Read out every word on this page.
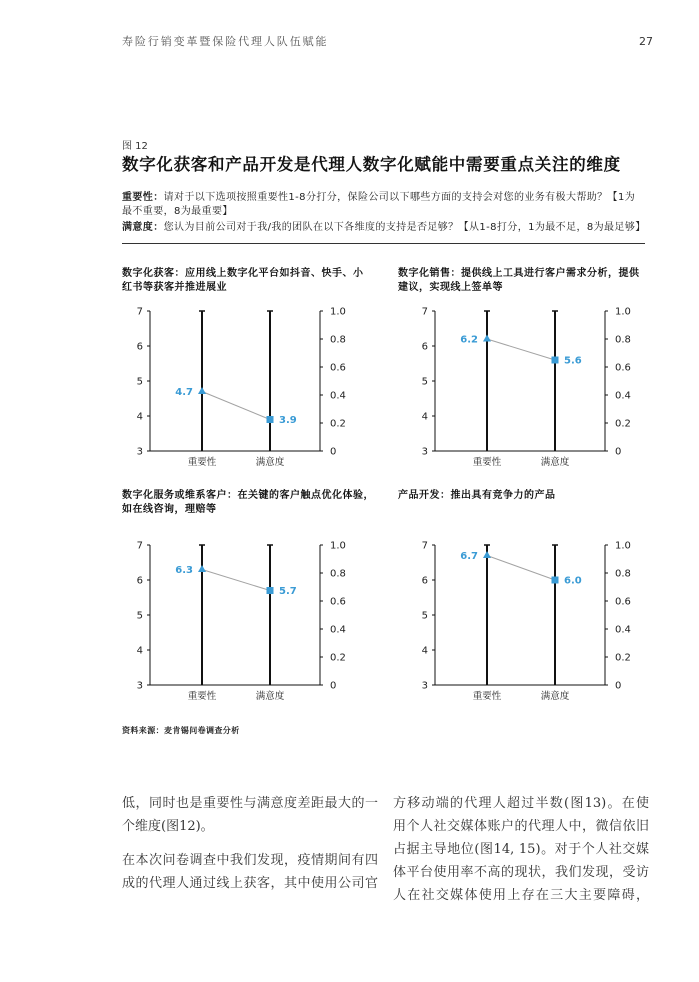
寿险行销变革暨保险代理人队伍赋能	27
图 12
数字化获客和产品开发是代理人数字化赋能中需要重点关注的维度
重要性：请对于以下选项按照重要性1-8分打分，保险公司以下哪些方面的支持会对您的业务有极大帮助？【1为
最不重要，8为最重要】
满意度：您认为目前公司对于我/我的团队在以下各维度的支持是否足够？【从1-8打分，1为最不足，8为最足够】
数字化获客：应用线上数字化平台如抖音、快手、小
红书等获客并推进展业
7
6
5
4
3
1.0
0.8
0.6
0.4
0.2
0
重要性	满意度
4.7
3.9
数字化销售：提供线上工具进行客户需求分析，提供
建议，实现线上签单等
7
6
5
4
3
1.0
0.8
0.6
0.4
0.2
0
重要性	满意度
6.2
5.6
数字化服务或维系客户：在关键的客户触点优化体验，
如在线咨询，理赔等
7
6
5
4
3
1.0
0.8
0.6
0.4
0.2
0
重要性	满意度
6.3
5.7
产品开发：推出具有竞争力的产品
7
6
5
4
3
1.0
0.8
0.6
0.4
0.2
0
重要性	满意度
6.7
6.0
资料来源：麦肯锡问卷调查分析
低，同时也是重要性与满意度差距最大的一
个维度(图12)。
在本次问卷调查中我们发现，疫情期间有四
成的代理人通过线上获客，其中使用公司官
方移动端的代理人超过半数(图13)。在使
用个人社交媒体账户的代理人中，微信依旧
占据主导地位(图14, 15)。对于个人社交媒
体平台使用率不高的现状，我们发现，受访
人在社交媒体使用上存在三大主要障碍，
